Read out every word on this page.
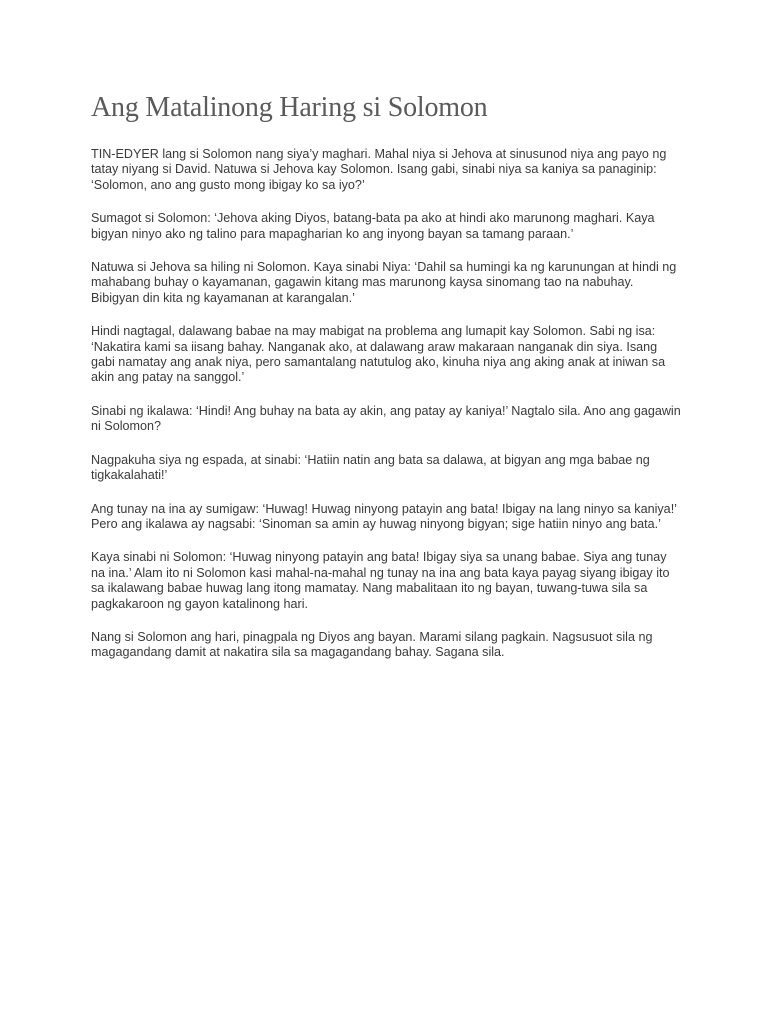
Ang Matalinong Haring si Solomon

TIN-EDYER lang si Solomon nang siya’y maghari. Mahal niya si Jehova at sinusunod niya ang payo ng tatay niyang si David. Natuwa si Jehova kay Solomon. Isang gabi, sinabi niya sa kaniya sa panaginip: ‘Solomon, ano ang gusto mong ibigay ko sa iyo?’

Sumagot si Solomon: ‘Jehova aking Diyos, batang-bata pa ako at hindi ako marunong maghari. Kaya bigyan ninyo ako ng talino para mapagharian ko ang inyong bayan sa tamang paraan.’

Natuwa si Jehova sa hiling ni Solomon. Kaya sinabi Niya: ‘Dahil sa humingi ka ng karunungan at hindi ng mahabang buhay o kayamanan, gagawin kitang mas marunong kaysa sinomang tao na nabuhay. Bibigyan din kita ng kayamanan at karangalan.’

Hindi nagtagal, dalawang babae na may mabigat na problema ang lumapit kay Solomon. Sabi ng isa: ‘Nakatira kami sa iisang bahay. Nanganak ako, at dalawang araw makaraan nanganak din siya. Isang gabi namatay ang anak niya, pero samantalang natutulog ako, kinuha niya ang aking anak at iniwan sa akin ang patay na sanggol.’

Sinabi ng ikalawa: ‘Hindi! Ang buhay na bata ay akin, ang patay ay kaniya!’ Nagtalo sila. Ano ang gagawin ni Solomon?

Nagpakuha siya ng espada, at sinabi: ‘Hatiin natin ang bata sa dalawa, at bigyan ang mga babae ng tigkakalahati!’

Ang tunay na ina ay sumigaw: ‘Huwag! Huwag ninyong patayin ang bata! Ibigay na lang ninyo sa kaniya!’ Pero ang ikalawa ay nagsabi: ‘Sinoman sa amin ay huwag ninyong bigyan; sige hatiin ninyo ang bata.’

Kaya sinabi ni Solomon: ‘Huwag ninyong patayin ang bata! Ibigay siya sa unang babae. Siya ang tunay na ina.’ Alam ito ni Solomon kasi mahal-na-mahal ng tunay na ina ang bata kaya payag siyang ibigay ito sa ikalawang babae huwag lang itong mamatay. Nang mabalitaan ito ng bayan, tuwang-tuwa sila sa pagkakaroon ng gayon katalinong hari.

Nang si Solomon ang hari, pinagpala ng Diyos ang bayan. Marami silang pagkain. Nagsusuot sila ng magagandang damit at nakatira sila sa magagandang bahay. Sagana sila.
